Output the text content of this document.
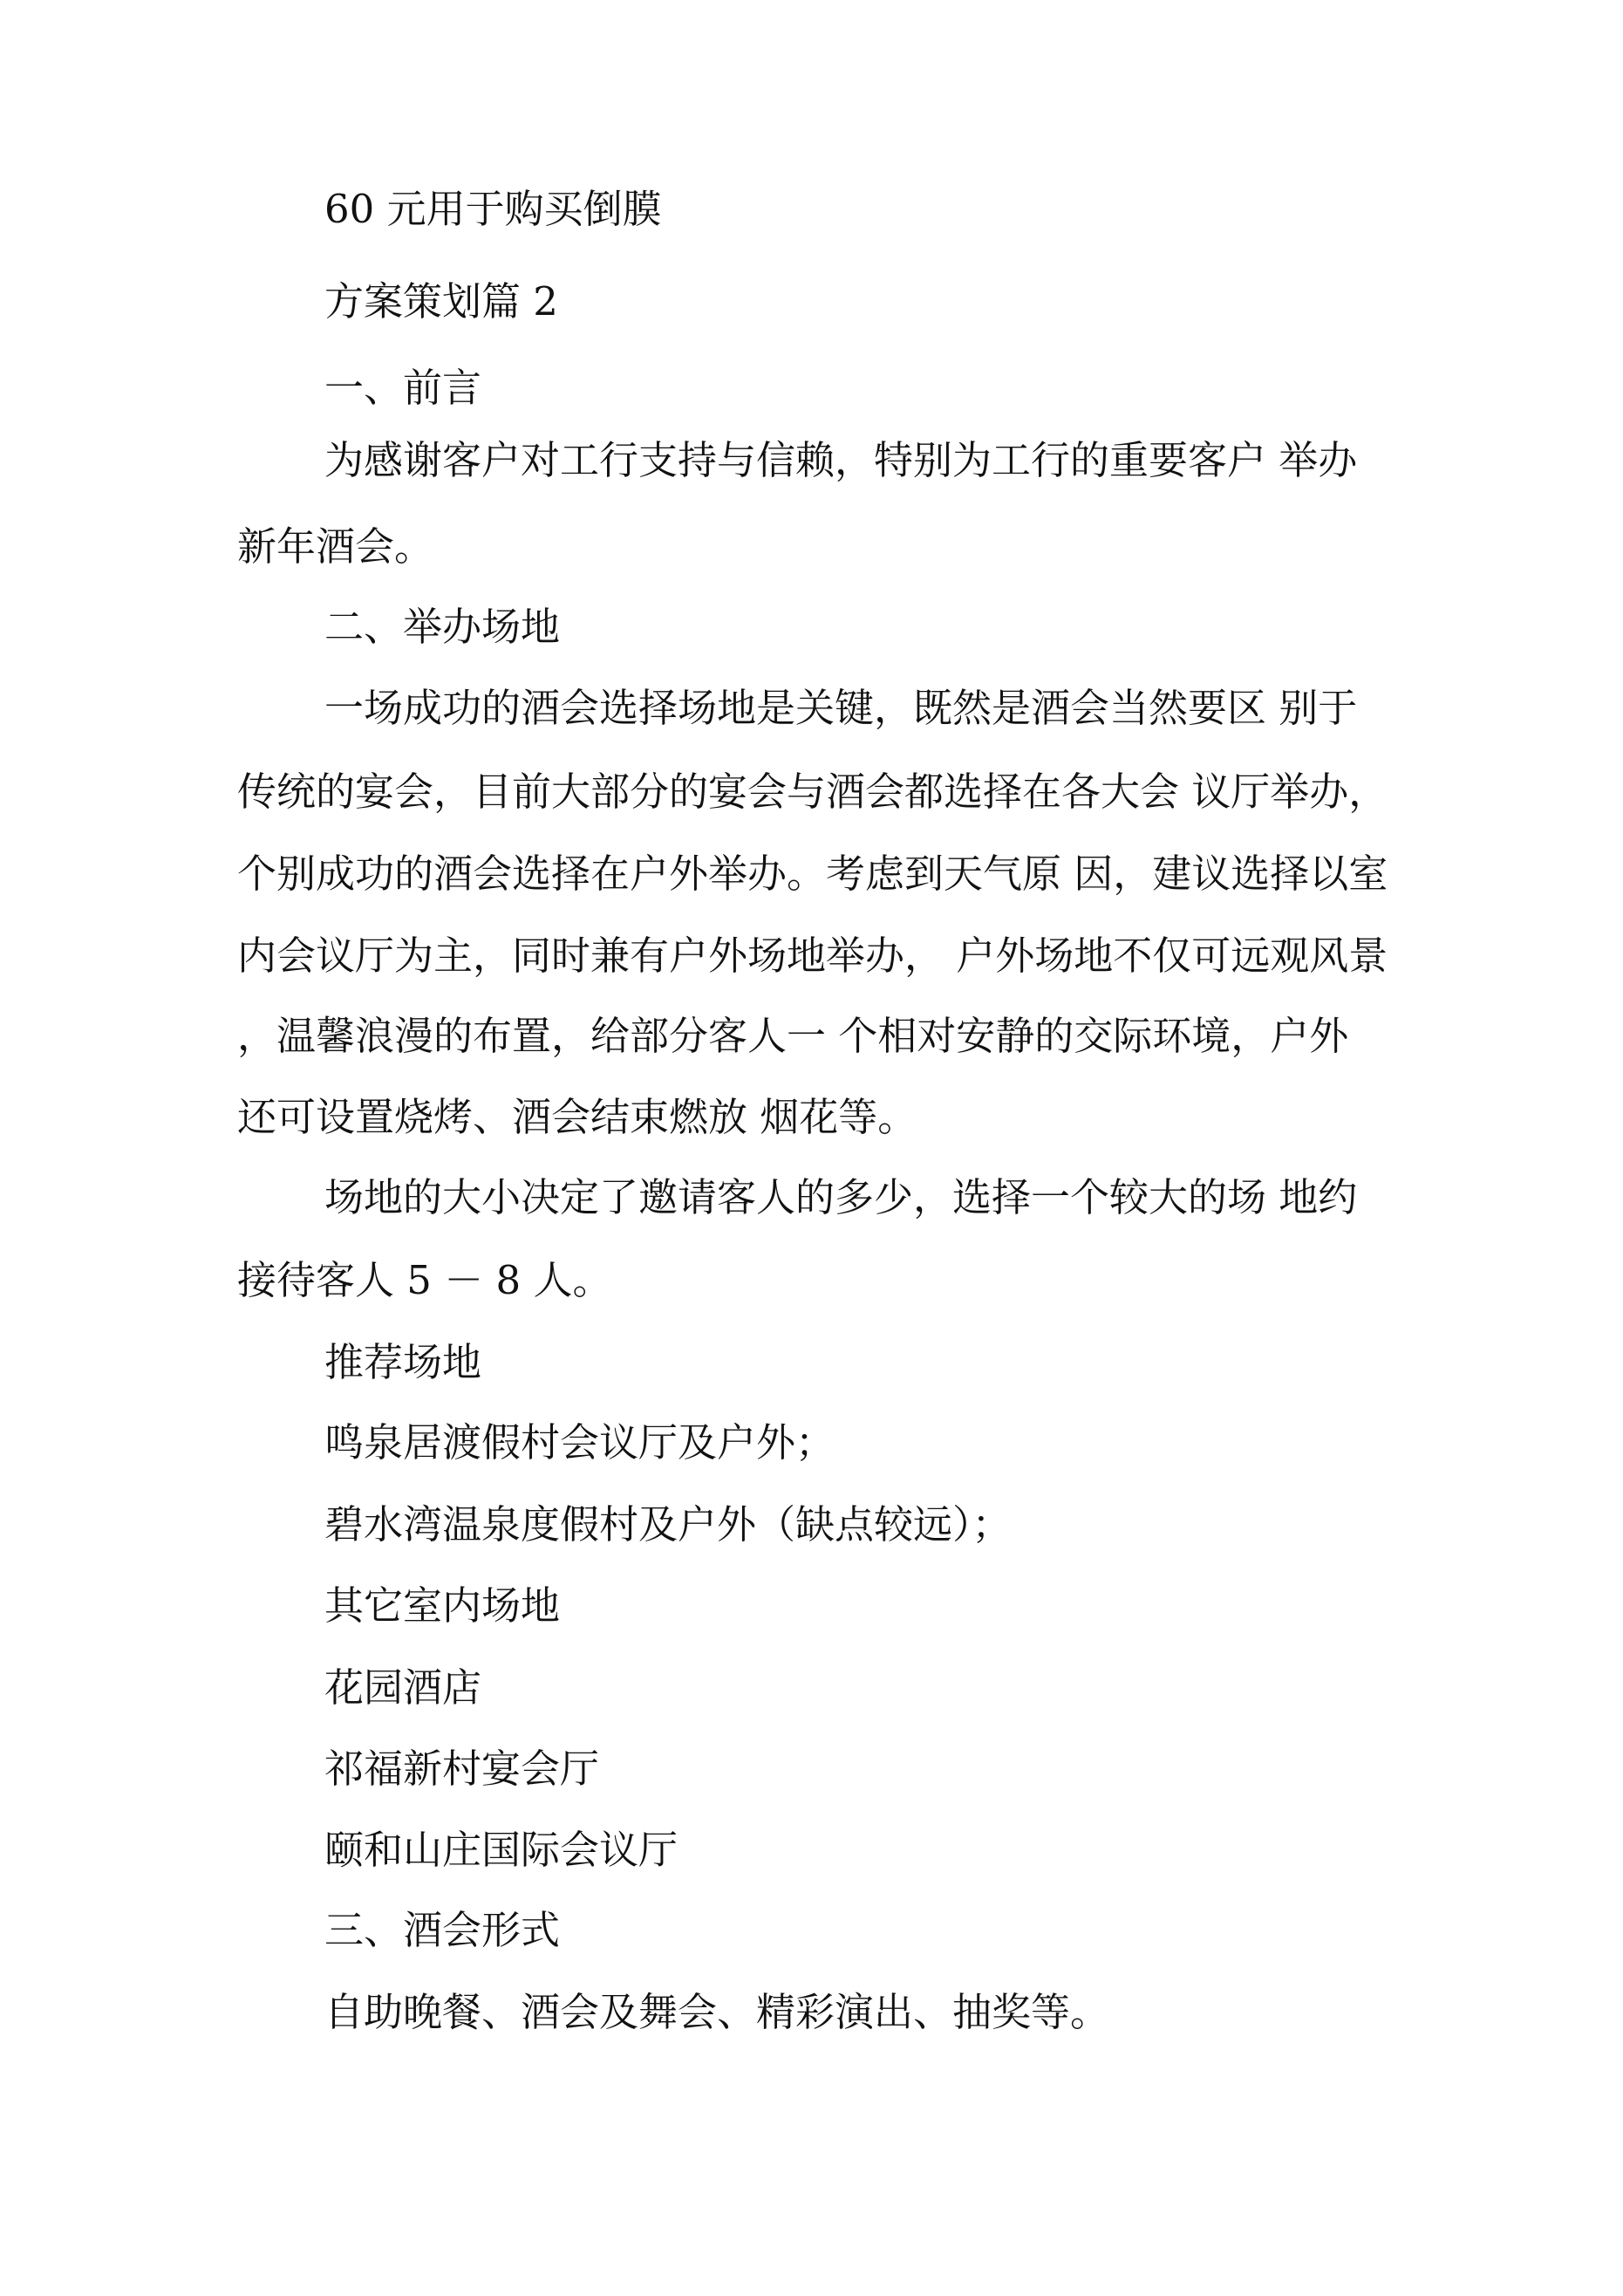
60 元用于购买倒膜

方案策划篇 2

一、前言

为感谢客户对工行支持与信赖，特别为工行的重要客户 举办

新年酒会。

二、举办场地

一场成功的酒会选择场地是关键，既然是酒会当然要区 别于

传统的宴会，目前大部分的宴会与酒会都选择在各大会 议厅举办，

个别成功的酒会选择在户外举办。考虑到天气原 因，建议选择以室

内会议厅为主，同时兼有户外场地举办， 户外场地不仅可远观风景

，温馨浪漫的布置，给部分客人一 个相对安静的交际环境，户外

还可设置烧烤、酒会结束燃放 烟花等。

场地的大小决定了邀请客人的多少，选择一个较大的场 地约

接待客人 5 － 8 人。

推荐场地

鸣泉居渡假村会议厅及户外；

碧水湾温泉度假村及户外（缺点较远）；

其它室内场地

花园酒店

祁福新村宴会厅

颐和山庄国际会议厅

三、酒会形式

自助晚餐、酒会及舞会、精彩演出、抽奖等。
